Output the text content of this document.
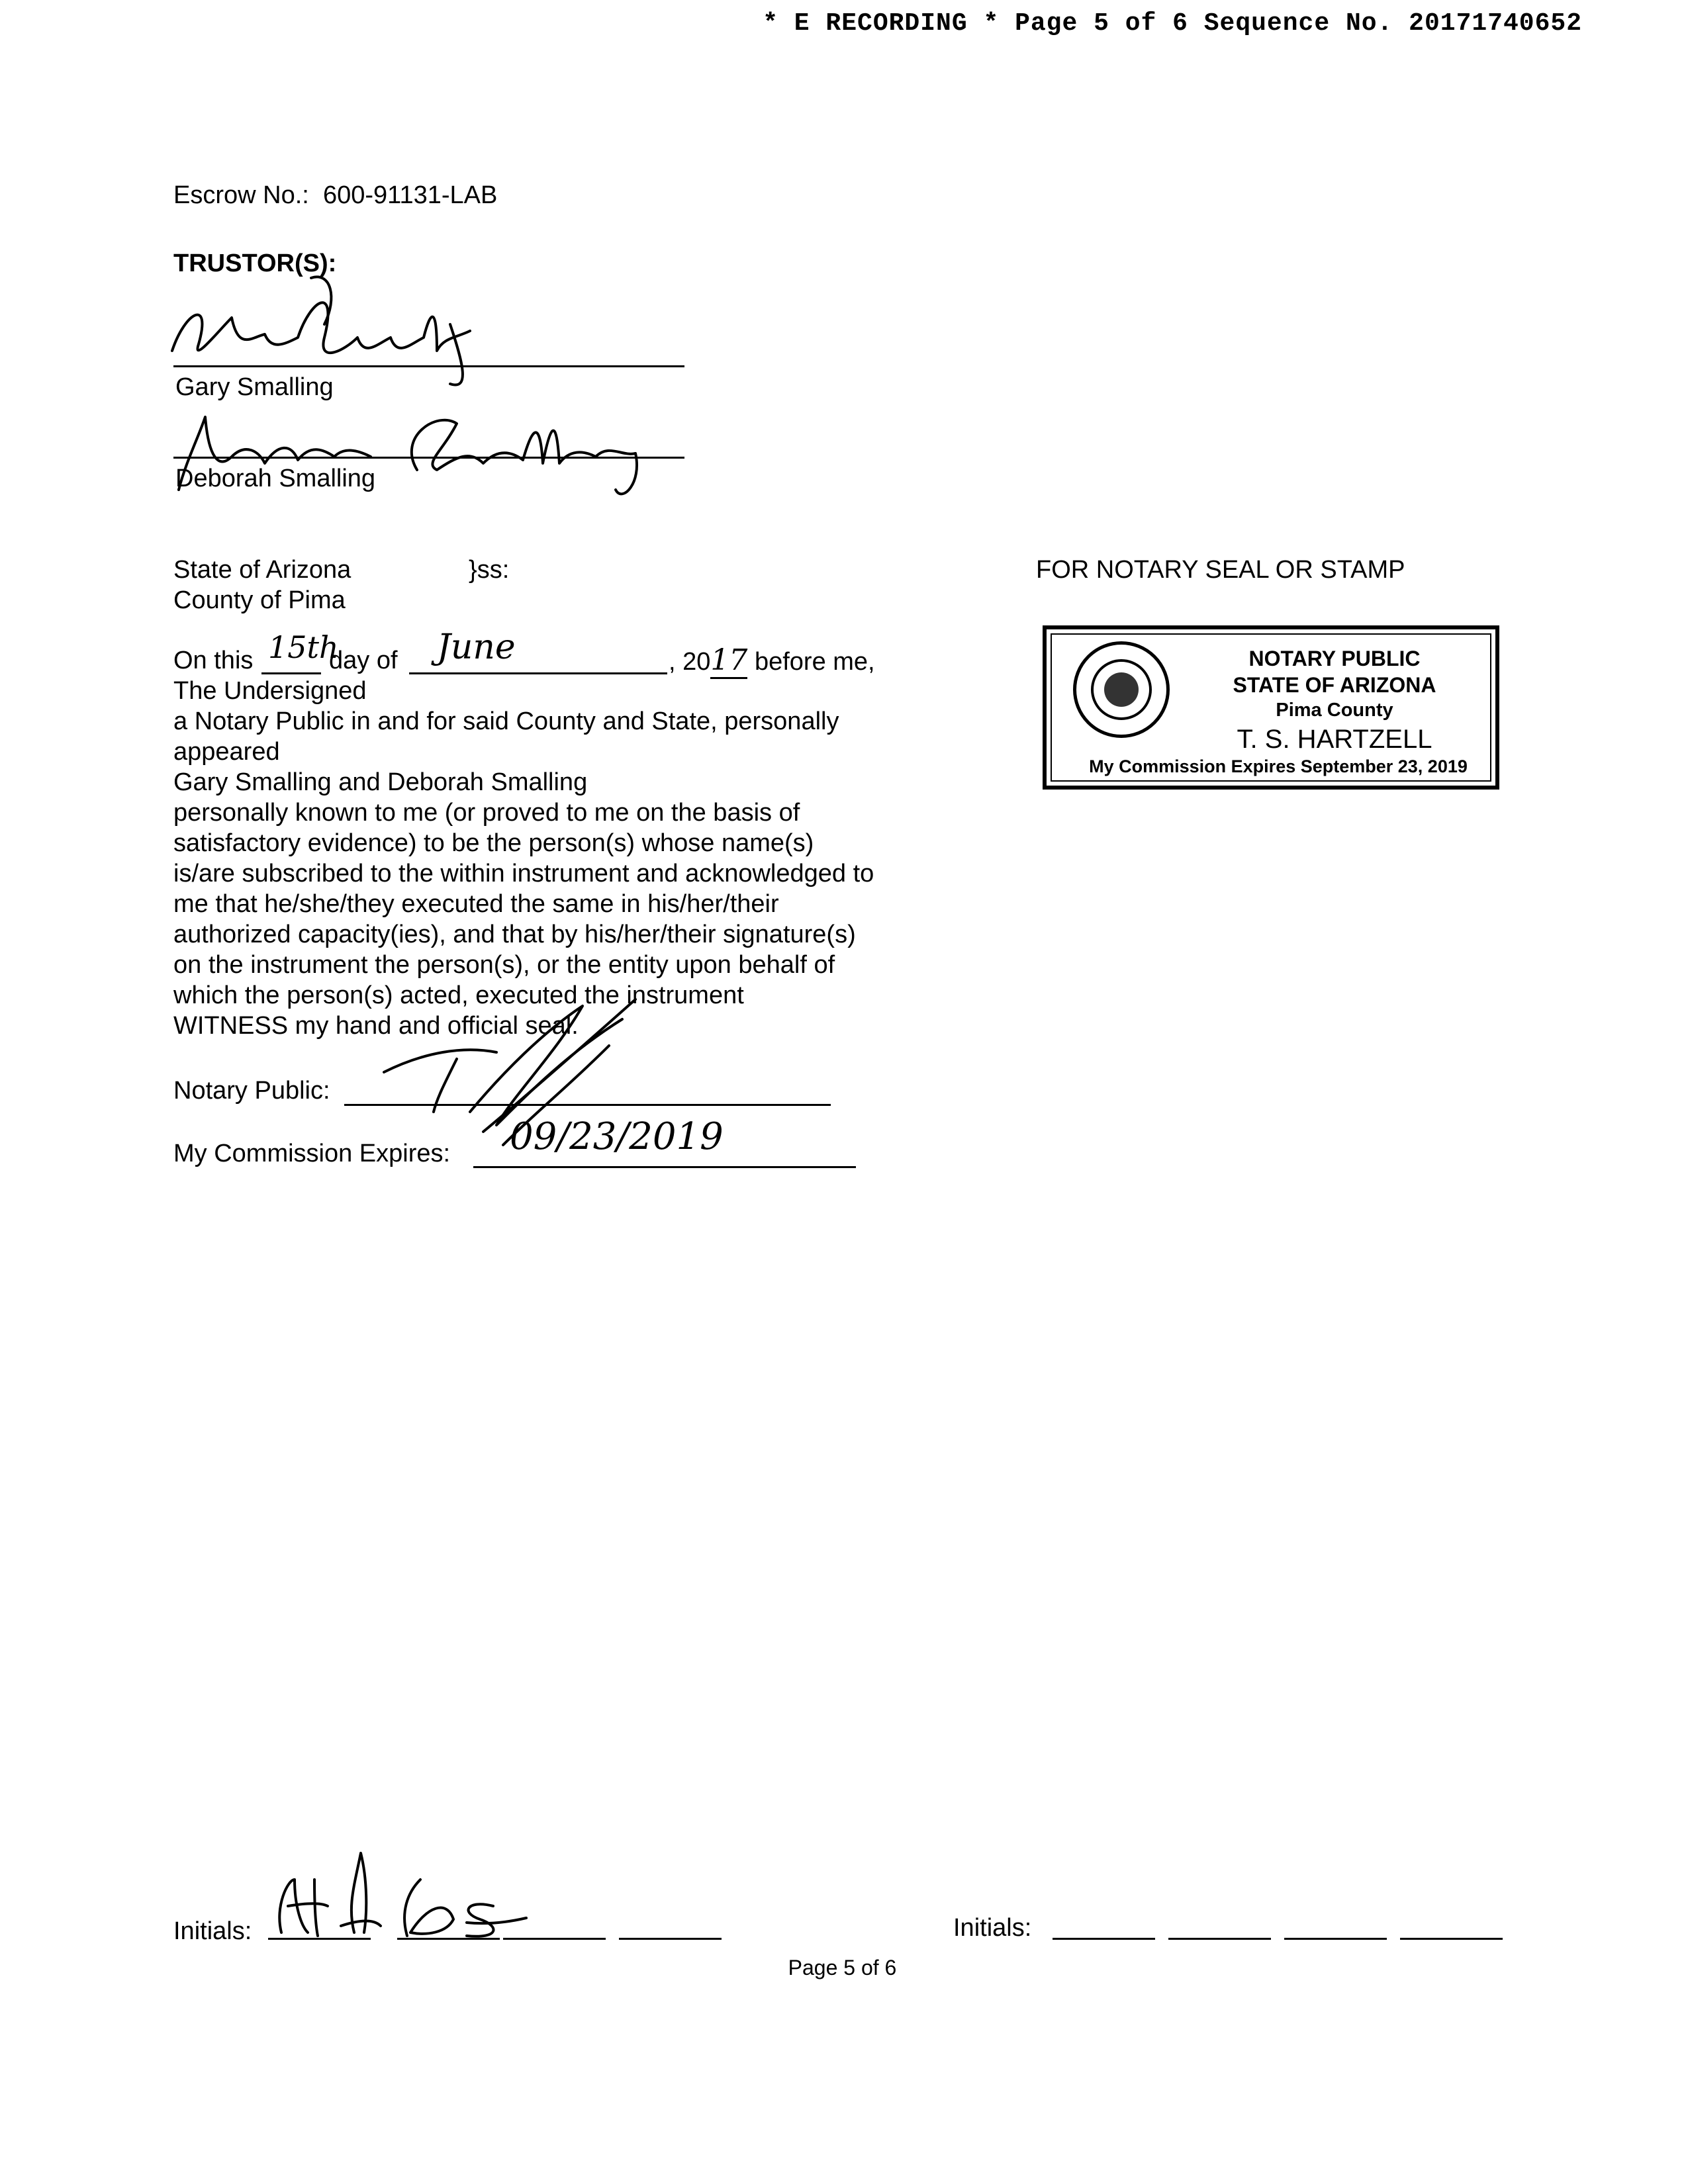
* E RECORDING * Page 5 of 6 Sequence No. 20171740652
Escrow No.: 600-91131-LAB
TRUSTOR(S):
Gary Smalling
Deborah Smalling
State of Arizona	}ss:
County of Pima
On this 15th
day of June	, 2017 before me,
The Undersigned
a Notary Public in and for said County and State, personally
appeared
Gary Smalling and Deborah Smalling
personally known to me (or proved to me on the basis of
satisfactory evidence) to be the person(s) whose name(s)
is/are subscribed to the within instrument and acknowledged to
me that he/she/they executed the same in his/her/their
authorized capacity(ies), and that by his/her/their signature(s)
on the instrument the person(s), or the entity upon behalf of
which the person(s) acted, executed the instrument
WITNESS my hand and official seal.
Notary Public:
My Commission Expires: 09/23/2019
FOR NOTARY SEAL OR STAMP
NOTARY PUBLIC
STATE OF ARIZONA
Pima County
T. S. HARTZELL
My Commission Expires September 23, 2019
Initials:	Initials:
Page 5 of 6
